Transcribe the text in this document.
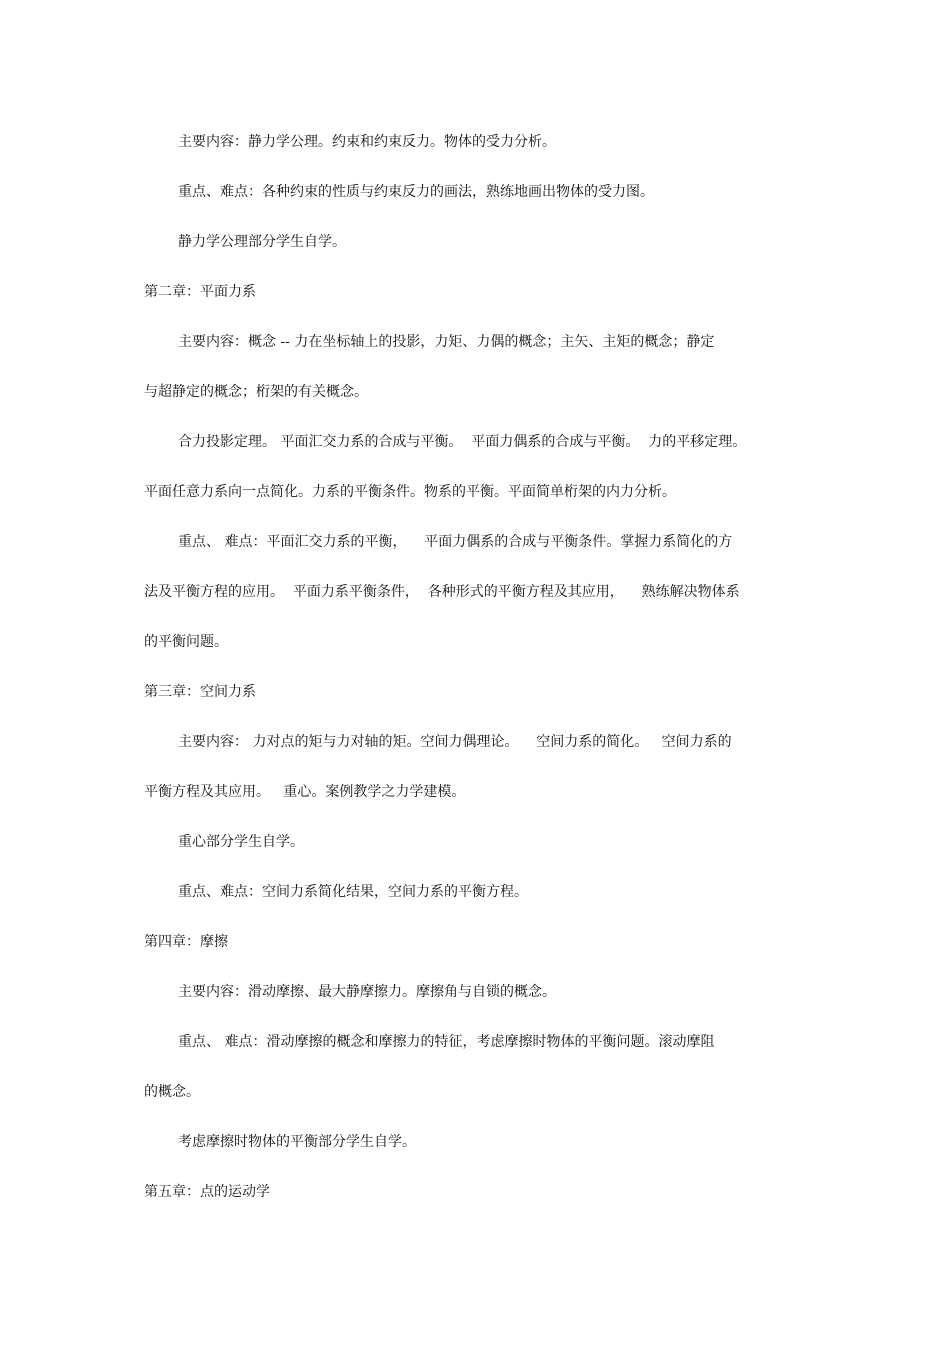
主要内容：静力学公理。约束和约束反力。物体的受力分析。
重点、难点：各种约束的性质与约束反力的画法，熟练地画出物体的受力图。
静力学公理部分学生自学。
第二章：平面力系
主要内容：概念 -- 力在坐标轴上的投影，力矩、力偶的概念；主矢、主矩的概念；静定
与超静定的概念；桁架的有关概念。
合力投影定理。 平面汇交力系的合成与平衡。  平面力偶系的合成与平衡。  力的平移定理。
平面任意力系向一点简化。力系的平衡条件。物系的平衡。平面简单桁架的内力分析。
重点、 难点：平面汇交力系的平衡，    平面力偶系的合成与平衡条件。掌握力系简化的方
法及平衡方程的应用。  平面力系平衡条件，  各种形式的平衡方程及其应用，    熟练解决物体系
的平衡问题。
第三章：空间力系
主要内容： 力对点的矩与力对轴的矩。空间力偶理论。    空间力系的简化。   空间力系的
平衡方程及其应用。   重心。案例教学之力学建模。
重心部分学生自学。
重点、难点：空间力系简化结果，空间力系的平衡方程。
第四章：摩擦
主要内容：滑动摩擦、最大静摩擦力。摩擦角与自锁的概念。
重点、 难点：滑动摩擦的概念和摩擦力的特征，考虑摩擦时物体的平衡问题。滚动摩阻
的概念。
考虑摩擦时物体的平衡部分学生自学。
第五章：点的运动学
